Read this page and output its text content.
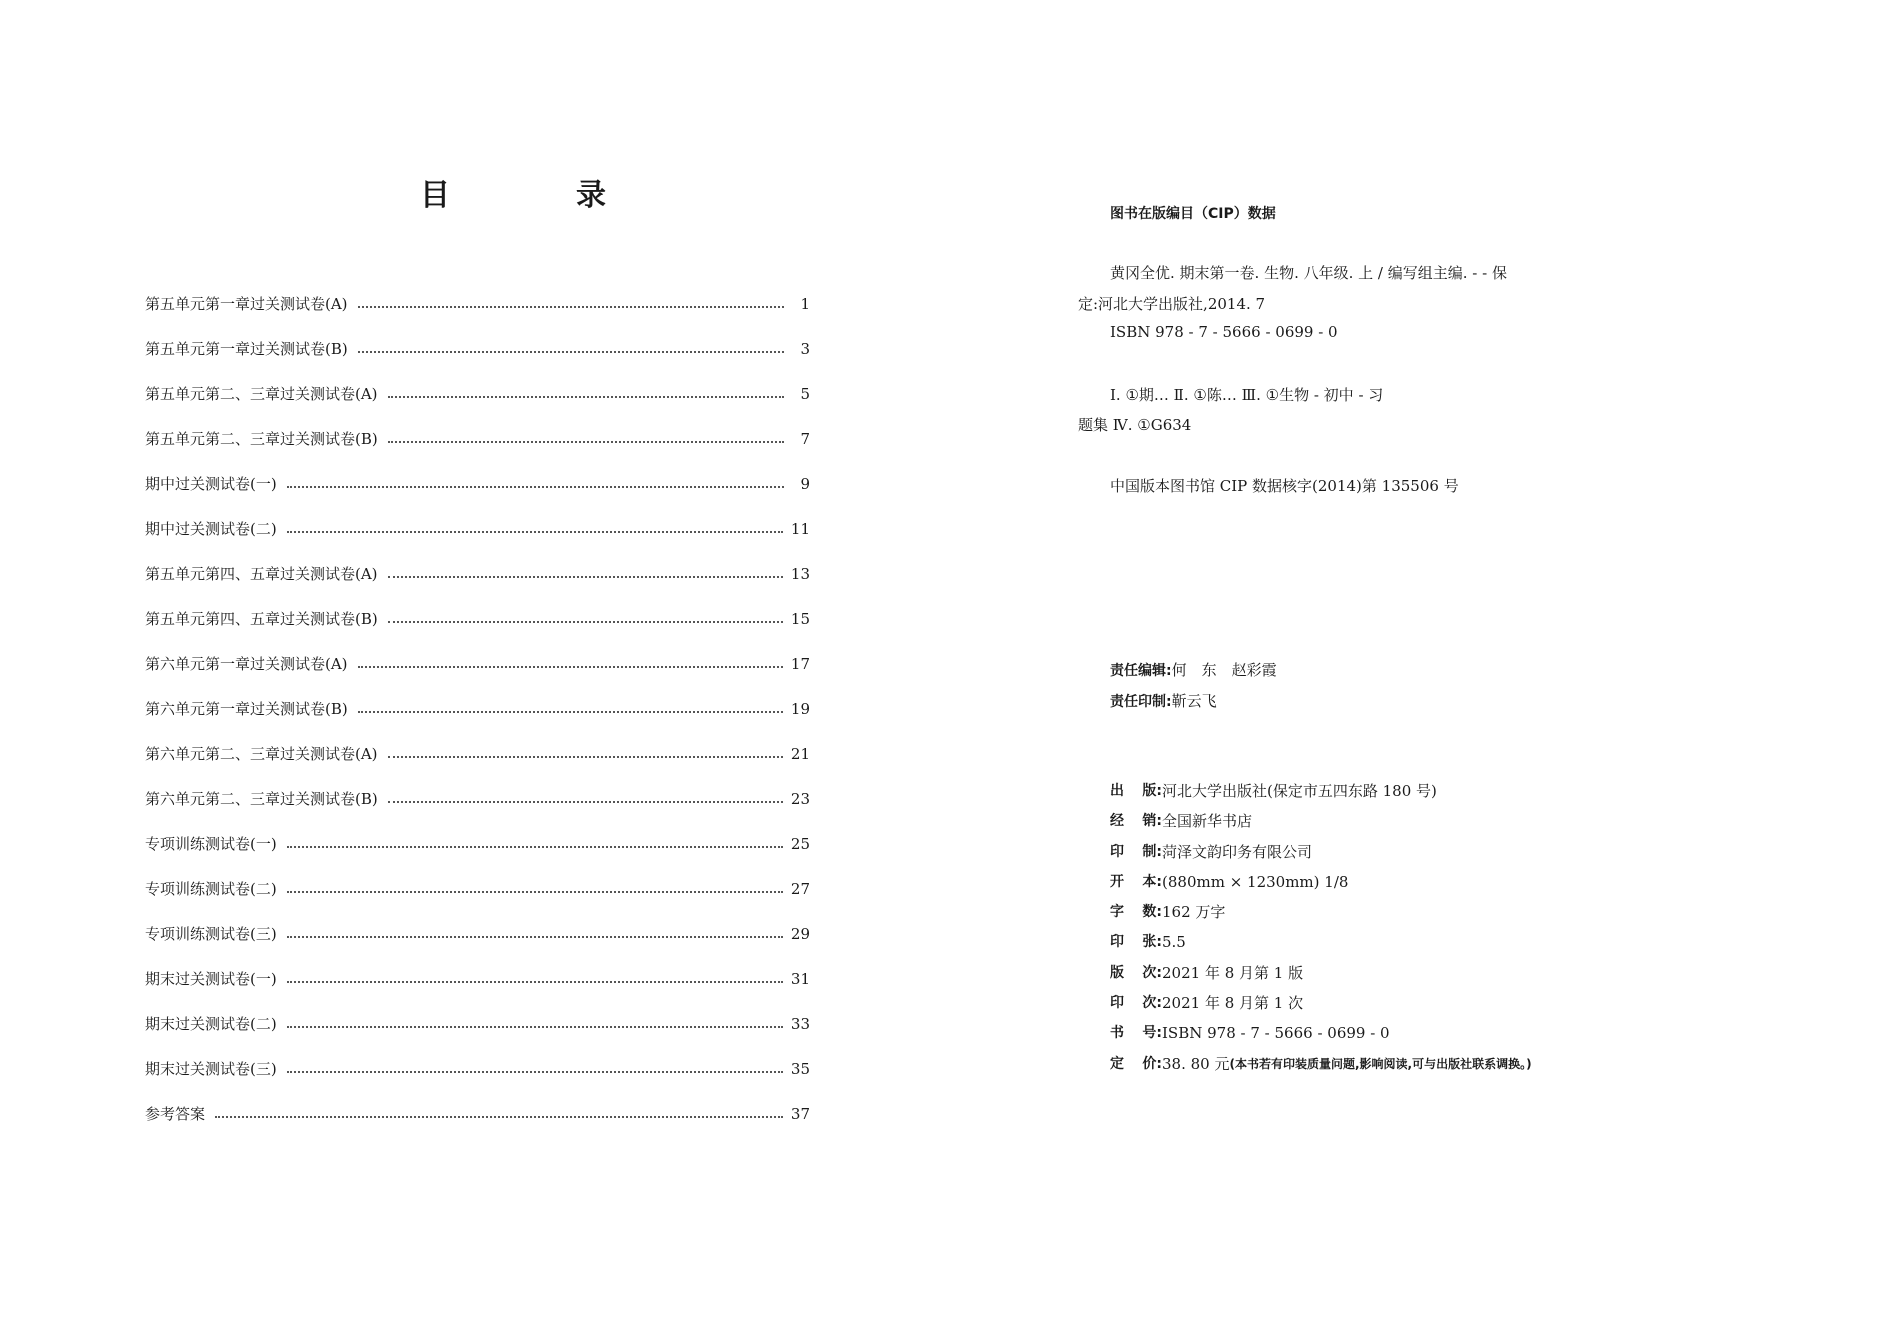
目　录
第五单元第一章过关测试卷(A)	1
第五单元第一章过关测试卷(B)	3
第五单元第二、三章过关测试卷(A)	5
第五单元第二、三章过关测试卷(B)	7
期中过关测试卷(一)	9
期中过关测试卷(二)	11
第五单元第四、五章过关测试卷(A)	13
第五单元第四、五章过关测试卷(B)	15
第六单元第一章过关测试卷(A)	17
第六单元第一章过关测试卷(B)	19
第六单元第二、三章过关测试卷(A)	21
第六单元第二、三章过关测试卷(B)	23
专项训练测试卷(一)	25
专项训练测试卷(二)	27
专项训练测试卷(三)	29
期末过关测试卷(一)	31
期末过关测试卷(二)	33
期末过关测试卷(三)	35
参考答案	37
图书在版编目（CIP）数据
黄冈全优. 期末第一卷. 生物. 八年级. 上 / 编写组主编. - - 保
定:河北大学出版社,2014. 7
ISBN 978 - 7 - 5666 - 0699 - 0
Ⅰ. ①期… Ⅱ. ①陈… Ⅲ. ①生物 - 初中 - 习
题集 Ⅳ. ①G634
中国版本图书馆 CIP 数据核字(2014)第 135506 号
责任编辑:何　东　赵彩霞
责任印制:靳云飞
出 版: 河北大学出版社(保定市五四东路 180 号)
经 销: 全国新华书店
印 制: 菏泽文韵印务有限公司
开 本: (880mm × 1230mm) 1/8
字 数: 162 万字
印 张: 5.5
版 次: 2021 年 8 月第 1 版
印 次: 2021 年 8 月第 1 次
书 号: ISBN 978 - 7 - 5666 - 0699 - 0
定 价: 38. 80 元 (本书若有印装质量问题,影响阅读,可与出版社联系调换。)
